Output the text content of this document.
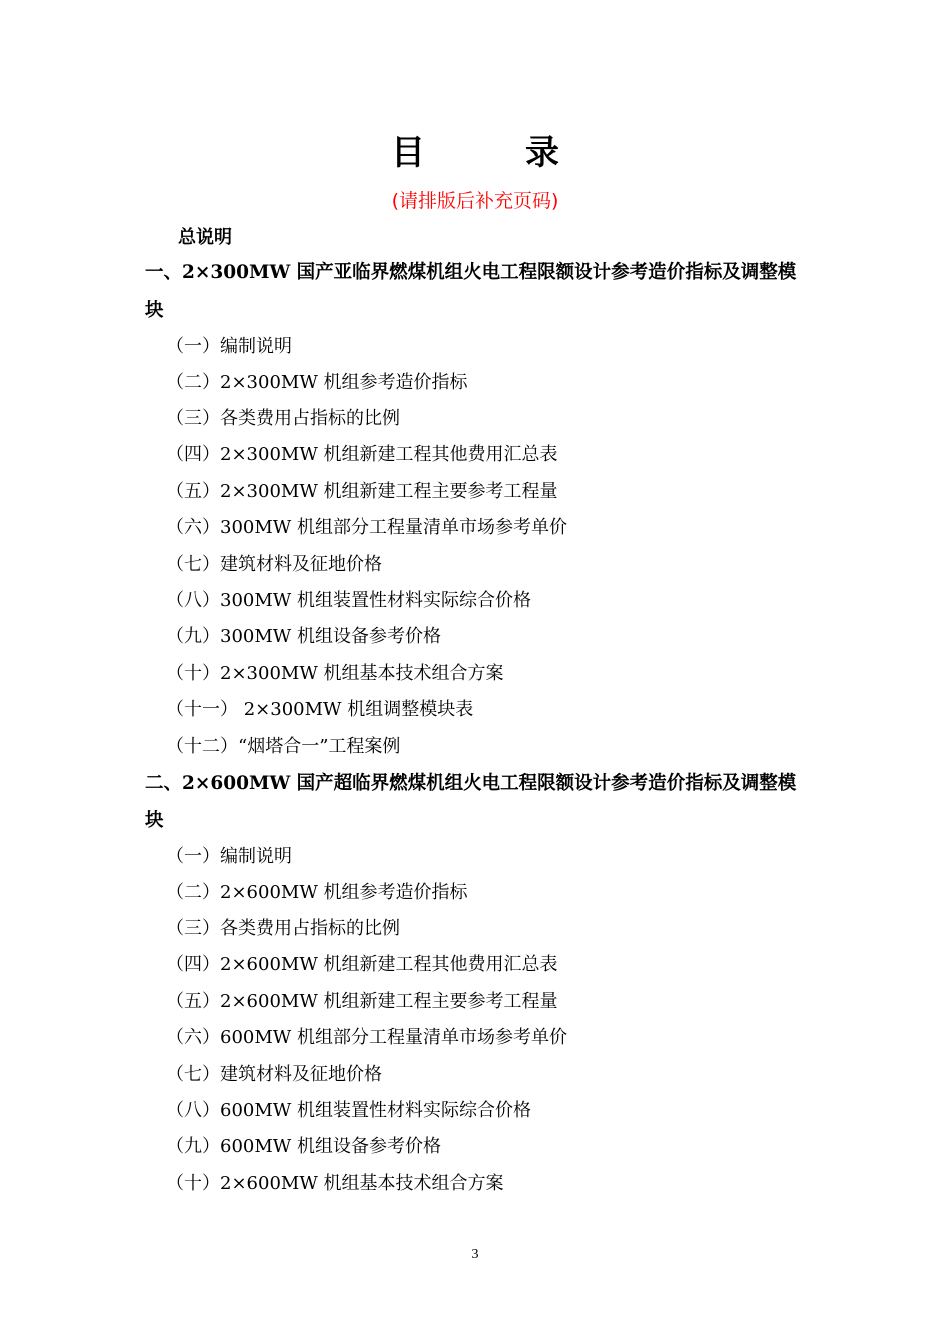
目	录
(请排版后补充页码)
总说明
一、2×300MW 国产亚临界燃煤机组火电工程限额设计参考造价指标及调整模
块
（一）编制说明
（二）2×300MW 机组参考造价指标
（三）各类费用占指标的比例
（四）2×300MW 机组新建工程其他费用汇总表
（五）2×300MW 机组新建工程主要参考工程量
（六）300MW 机组部分工程量清单市场参考单价
（七）建筑材料及征地价格
（八）300MW 机组装置性材料实际综合价格
（九）300MW 机组设备参考价格
（十）2×300MW 机组基本技术组合方案
（十一） 2×300MW 机组调整模块表
（十二）“烟塔合一”工程案例
二、2×600MW 国产超临界燃煤机组火电工程限额设计参考造价指标及调整模
块
（一）编制说明
（二）2×600MW 机组参考造价指标
（三）各类费用占指标的比例
（四）2×600MW 机组新建工程其他费用汇总表
（五）2×600MW 机组新建工程主要参考工程量
（六）600MW 机组部分工程量清单市场参考单价
（七）建筑材料及征地价格
（八）600MW 机组装置性材料实际综合价格
（九）600MW 机组设备参考价格
（十）2×600MW 机组基本技术组合方案
3
